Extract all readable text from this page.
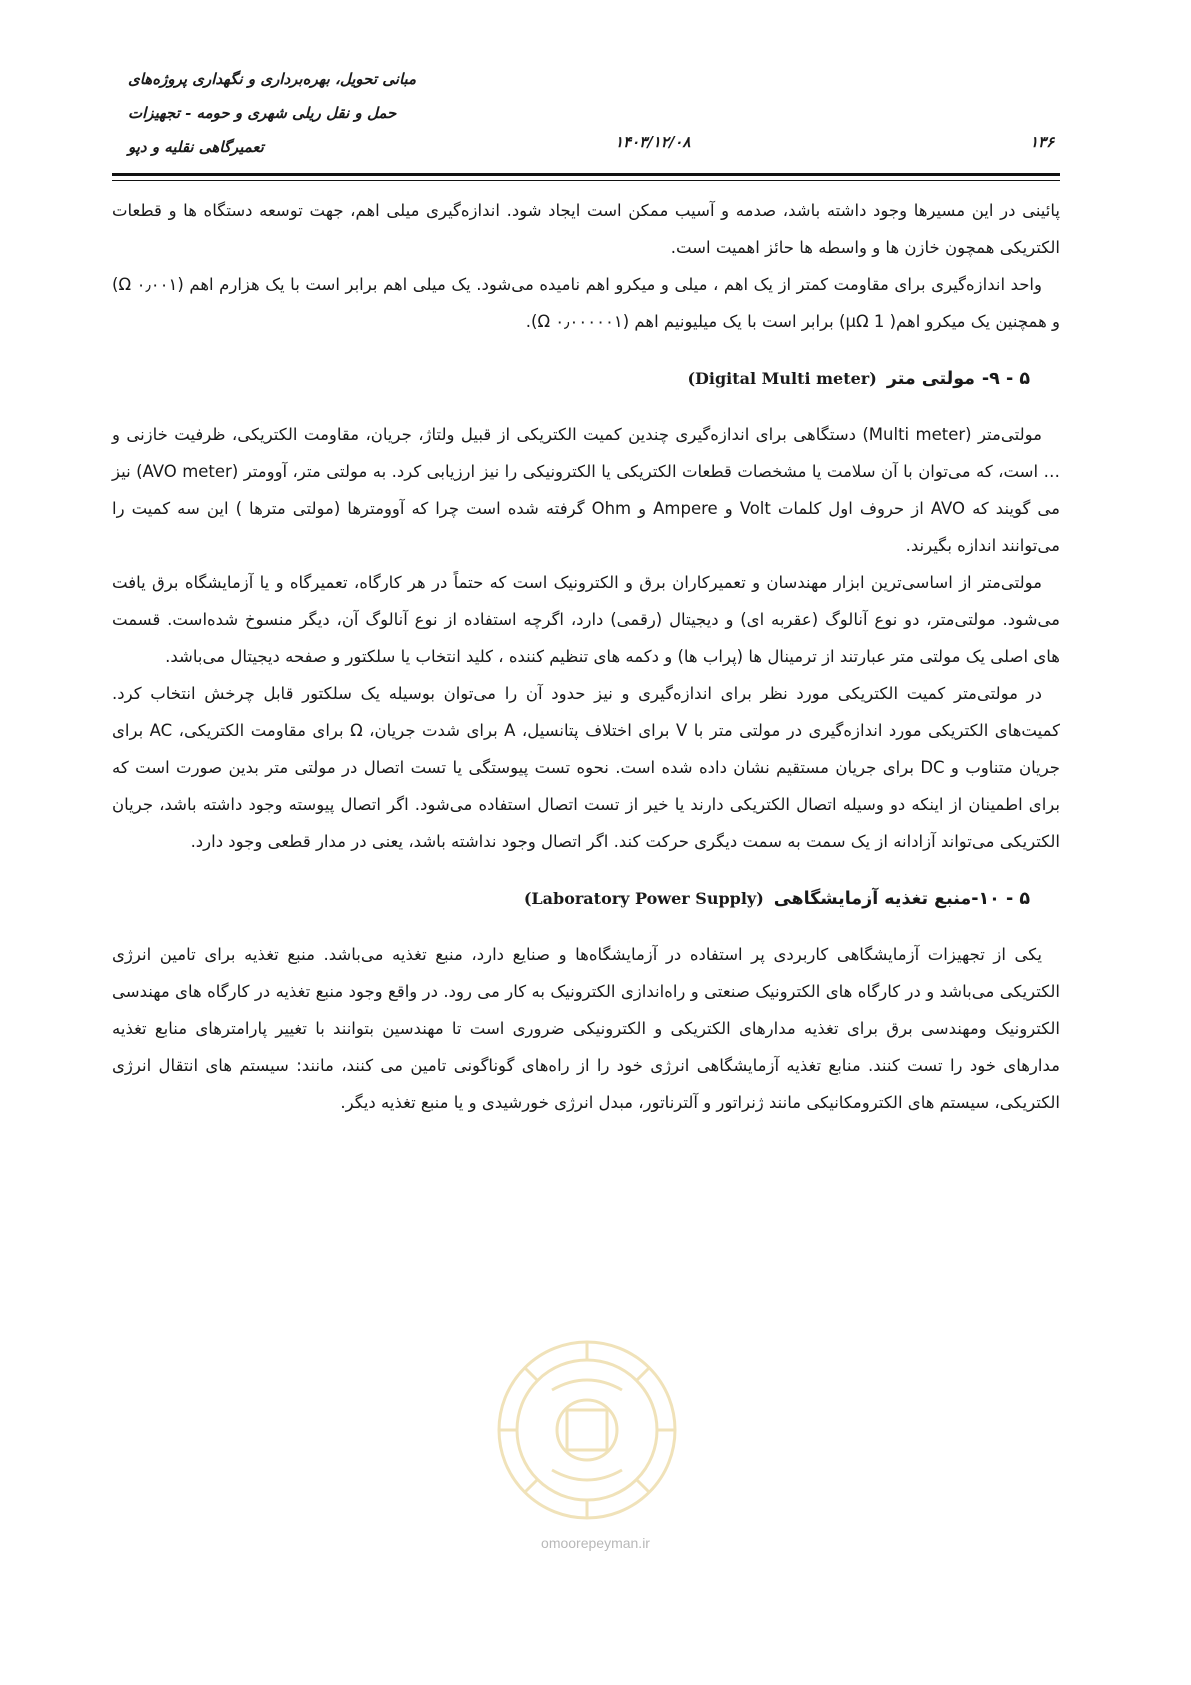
مبانی تحویل، بهره‌برداری و نگهداری پروژه‌های
حمل و نقل ریلی شهری و حومه - تجهیزات
تعمیرگاهی نقلیه و دپو	۱۴۰۳/۱۲/۰۸	۱۳۶

پائینی در این مسیرها وجود داشته باشد، صدمه و آسیب ممکن است ایجاد شود. اندازه‌گیری میلی اهم، جهت توسعه دستگاه ها و قطعات الکتریکی همچون خازن ها و واسطه ها حائز اهمیت است.

واحد اندازه‌گیری برای مقاومت کمتر از یک اهم ، میلی و میکرو اهم نامیده می‌شود. یک میلی اهم برابر است با یک هزارم اهم (Ω ۰٫۰۰۱) و همچنین یک میکرو اهم( µΩ 1) برابر است با یک میلیونیم اهم (Ω ۰٫۰۰۰۰۰۱).

۵ - ۹-
مولتی متر
(Digital Multi meter)

مولتی‌متر (Multi meter) دستگاهی برای اندازه‌گیری چندین کمیت الکتریکی از قبیل ولتاژ، جریان، مقاومت الکتریکی، ظرفیت خازنی و … است، که می‌توان با آن سلامت یا مشخصات قطعات الکتریکی یا الکترونیکی را نیز ارزیابی کرد. به مولتی متر، آوومتر (AVO meter) نیز می گویند که AVO از حروف اول کلمات Volt و Ampere و Ohm گرفته شده است چرا که آوومترها (مولتی مترها ) این سه کمیت را می‌توانند اندازه بگیرند.

مولتی‌متر از اساسی‌ترین ابزار مهندسان و تعمیرکاران برق و الکترونیک است که حتماً در هر کارگاه، تعمیرگاه و یا آزمایشگاه برق یافت می‌شود. مولتی‌متر، دو نوع آنالوگ (عقربه ای) و دیجیتال (رقمی) دارد، اگرچه استفاده از نوع آنالوگ آن، دیگر منسوخ شده‌است. قسمت های اصلی یک مولتی متر عبارتند از ترمینال ها (پراب ها) و دکمه های تنظیم کننده ، کلید انتخاب یا سلکتور و صفحه دیجیتال می‌باشد.

در مولتی‌متر کمیت الکتریکی مورد نظر برای اندازه‌گیری و نیز حدود آن را می‌توان بوسیله یک سلکتور قابل چرخش انتخاب کرد. کمیت‌های الکتریکی مورد اندازه‌گیری در مولتی متر با V برای اختلاف پتانسیل، A برای شدت جریان، Ω برای مقاومت الکتریکی، AC برای جریان متناوب و DC برای جریان مستقیم نشان داده شده است. نحوه تست پیوستگی یا تست اتصال در مولتی متر بدین صورت است که برای اطمینان از اینکه دو وسیله اتصال الکتریکی دارند یا خیر از تست اتصال استفاده می‌شود. اگر اتصال پیوسته وجود داشته باشد، جریان الکتریکی می‌تواند آزادانه از یک سمت به سمت دیگری حرکت کند. اگر اتصال وجود نداشته باشد، یعنی در مدار قطعی وجود دارد.

۵ - ۱۰-
منبع تغذیه آزمایشگاهی
(Laboratory Power Supply)

یکی از تجهیزات آزمایشگاهی کاربردی پر استفاده در آزمایشگاه‌ها و صنایع دارد، منبع تغذیه می‌باشد. منبع تغذیه برای تامین انرژی الکتریکی می‌باشد و در کارگاه های الکترونیک صنعتی و راه‌اندازی الکترونیک به کار می رود. در واقع وجود منبع تغذیه در کارگاه های مهندسی الکترونیک ومهندسی برق برای تغذیه مدارهای الکتریکی و الکترونیکی ضروری است تا مهندسین بتوانند با تغییر پارامترهای منابع تغذیه مدارهای خود را تست کنند. منابع تغذیه آزمایشگاهی انرژی خود را از راه‌های گوناگونی تامین می کنند، مانند: سیستم های انتقال انرژی الکتریکی، سیستم های الکترومکانیکی مانند ژنراتور و آلترناتور، مبدل انرژی خورشیدی و یا منبع تغذیه دیگر.

omoorepeyman.ir
